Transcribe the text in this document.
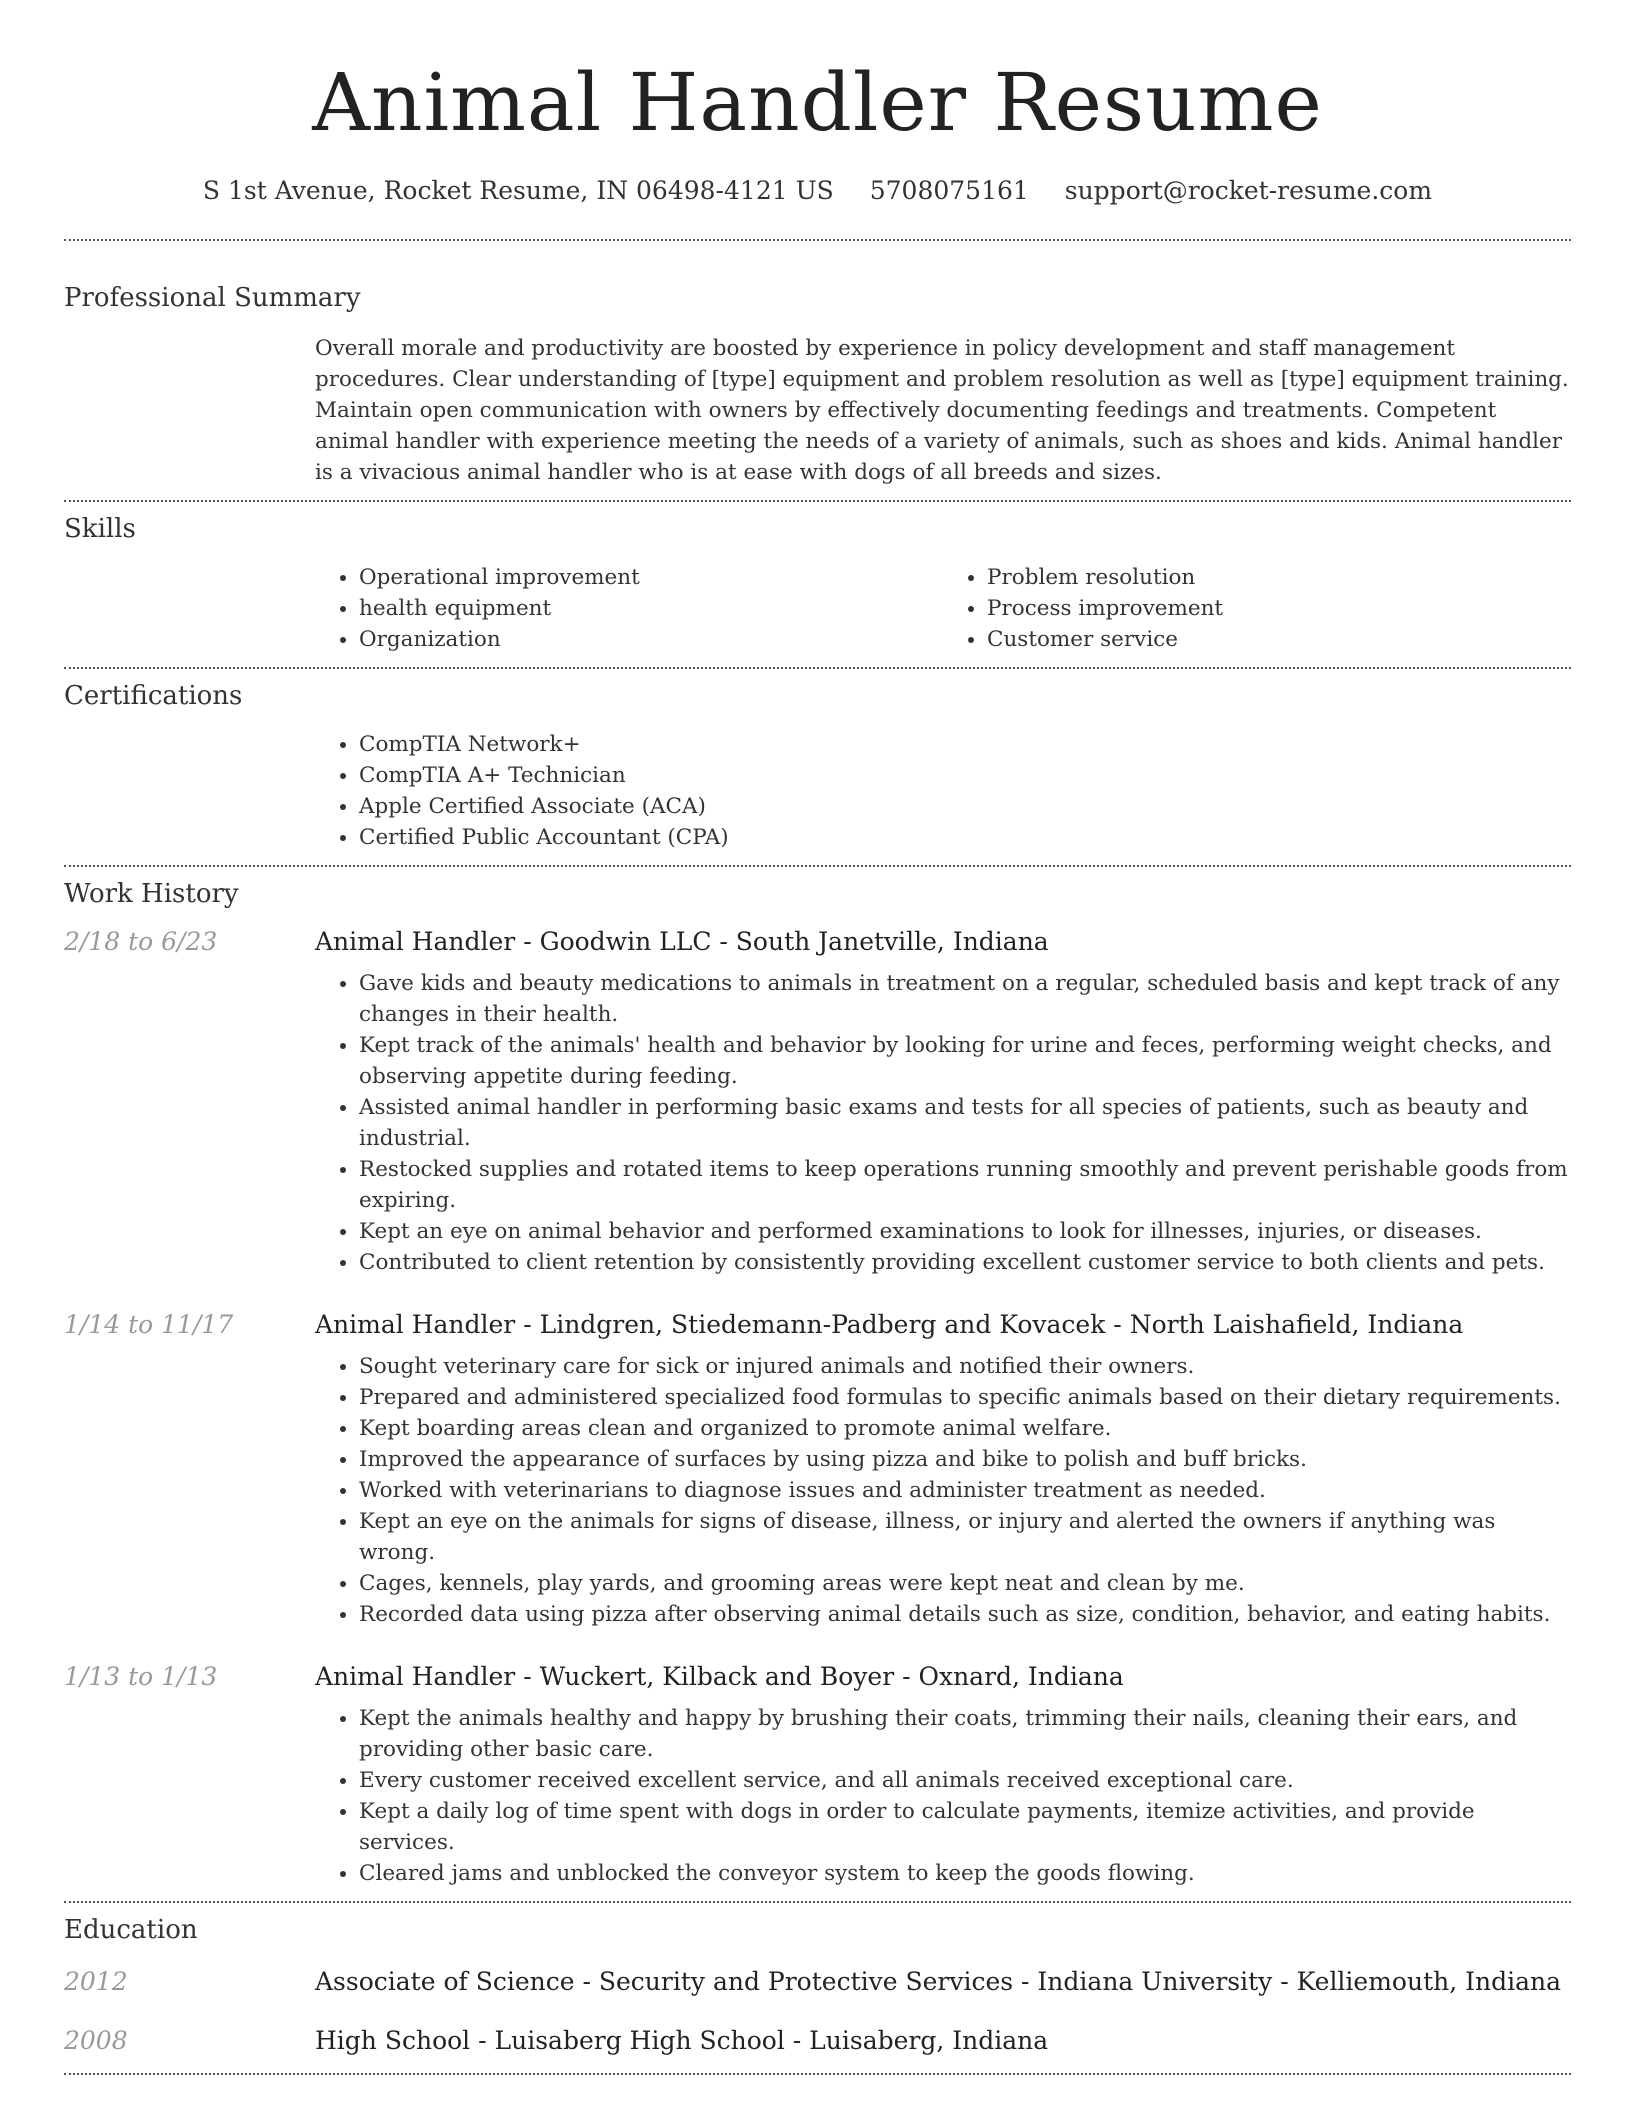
Animal Handler Resume
S 1st Avenue, Rocket Resume, IN 06498-4121 US 5708075161 support@rocket-resume.com
Professional Summary
Overall morale and productivity are boosted by experience in policy development and staff management procedures. Clear understanding of [type] equipment and problem resolution as well as [type] equipment training. Maintain open communication with owners by effectively documenting feedings and treatments. Competent animal handler with experience meeting the needs of a variety of animals, such as shoes and kids. Animal handler is a vivacious animal handler who is at ease with dogs of all breeds and sizes.
Skills
• Operational improvement
• health equipment
• Organization
• Problem resolution
• Process improvement
• Customer service
Certifications
• CompTIA Network+
• CompTIA A+ Technician
• Apple Certified Associate (ACA)
• Certified Public Accountant (CPA)
Work History
2/18 to 6/23	Animal Handler - Goodwin LLC - South Janetville, Indiana
• Gave kids and beauty medications to animals in treatment on a regular, scheduled basis and kept track of any changes in their health.
• Kept track of the animals' health and behavior by looking for urine and feces, performing weight checks, and observing appetite during feeding.
• Assisted animal handler in performing basic exams and tests for all species of patients, such as beauty and industrial.
• Restocked supplies and rotated items to keep operations running smoothly and prevent perishable goods from expiring.
• Kept an eye on animal behavior and performed examinations to look for illnesses, injuries, or diseases.
• Contributed to client retention by consistently providing excellent customer service to both clients and pets.
1/14 to 11/17	Animal Handler - Lindgren, Stiedemann-Padberg and Kovacek - North Laishafield, Indiana
• Sought veterinary care for sick or injured animals and notified their owners.
• Prepared and administered specialized food formulas to specific animals based on their dietary requirements.
• Kept boarding areas clean and organized to promote animal welfare.
• Improved the appearance of surfaces by using pizza and bike to polish and buff bricks.
• Worked with veterinarians to diagnose issues and administer treatment as needed.
• Kept an eye on the animals for signs of disease, illness, or injury and alerted the owners if anything was wrong.
• Cages, kennels, play yards, and grooming areas were kept neat and clean by me.
• Recorded data using pizza after observing animal details such as size, condition, behavior, and eating habits.
1/13 to 1/13	Animal Handler - Wuckert, Kilback and Boyer - Oxnard, Indiana
• Kept the animals healthy and happy by brushing their coats, trimming their nails, cleaning their ears, and providing other basic care.
• Every customer received excellent service, and all animals received exceptional care.
• Kept a daily log of time spent with dogs in order to calculate payments, itemize activities, and provide services.
• Cleared jams and unblocked the conveyor system to keep the goods flowing.
Education
2012	Associate of Science - Security and Protective Services - Indiana University - Kelliemouth, Indiana
2008	High School - Luisaberg High School - Luisaberg, Indiana
